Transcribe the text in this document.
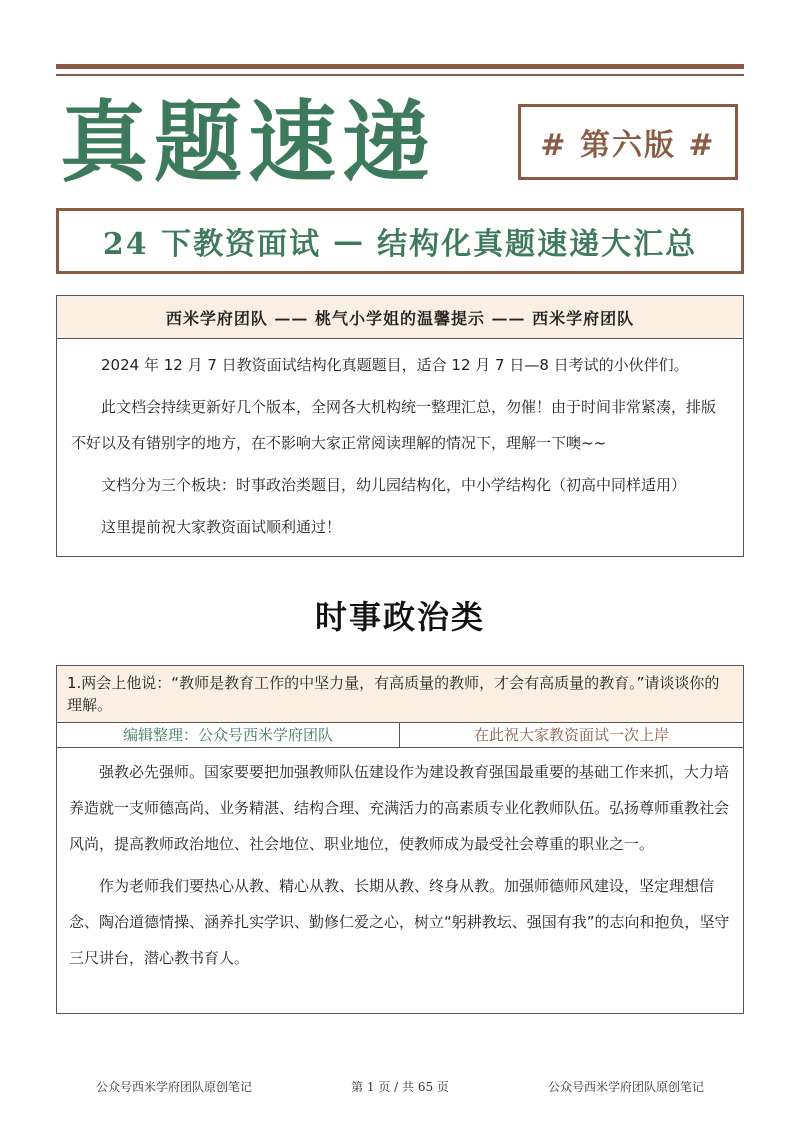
真题速递	# 第六版 #
24 下教资面试 — 结构化真题速递大汇总
西米学府团队 —— 桃气小学姐的温馨提示 —— 西米学府团队

2024 年 12 月 7 日教资面试结构化真题题目，适合 12 月 7 日—8 日考试的小伙伴们。

此文档会持续更新好几个版本，全网各大机构统一整理汇总，勿催！由于时间非常紧凑，排版不好以及有错别字的地方，在不影响大家正常阅读理解的情况下，理解一下噢~~

文档分为三个板块：时事政治类题目，幼儿园结构化，中小学结构化（初高中同样适用）

这里提前祝大家教资面试顺利通过！

时事政治类
1.两会上他说：“教师是教育工作的中坚力量，有高质量的教师，才会有高质量的教育。”请谈谈你的理解。
编辑整理：公众号西米学府团队	在此祝大家教资面试一次上岸

强教必先强师。国家要要把加强教师队伍建设作为建设教育强国最重要的基础工作来抓，大力培养造就一支师德高尚、业务精湛、结构合理、充满活力的高素质专业化教师队伍。弘扬尊师重教社会风尚，提高教师政治地位、社会地位、职业地位，使教师成为最受社会尊重的职业之一。

作为老师我们要热心从教、精心从教、长期从教、终身从教。加强师德师风建设，坚定理想信念、陶冶道德情操、涵养扎实学识、勤修仁爱之心，树立“躬耕教坛、强国有我”的志向和抱负，坚守三尺讲台，潜心教书育人。

公众号西米学府团队原创笔记	第 1 页 / 共 65 页	公众号西米学府团队原创笔记
